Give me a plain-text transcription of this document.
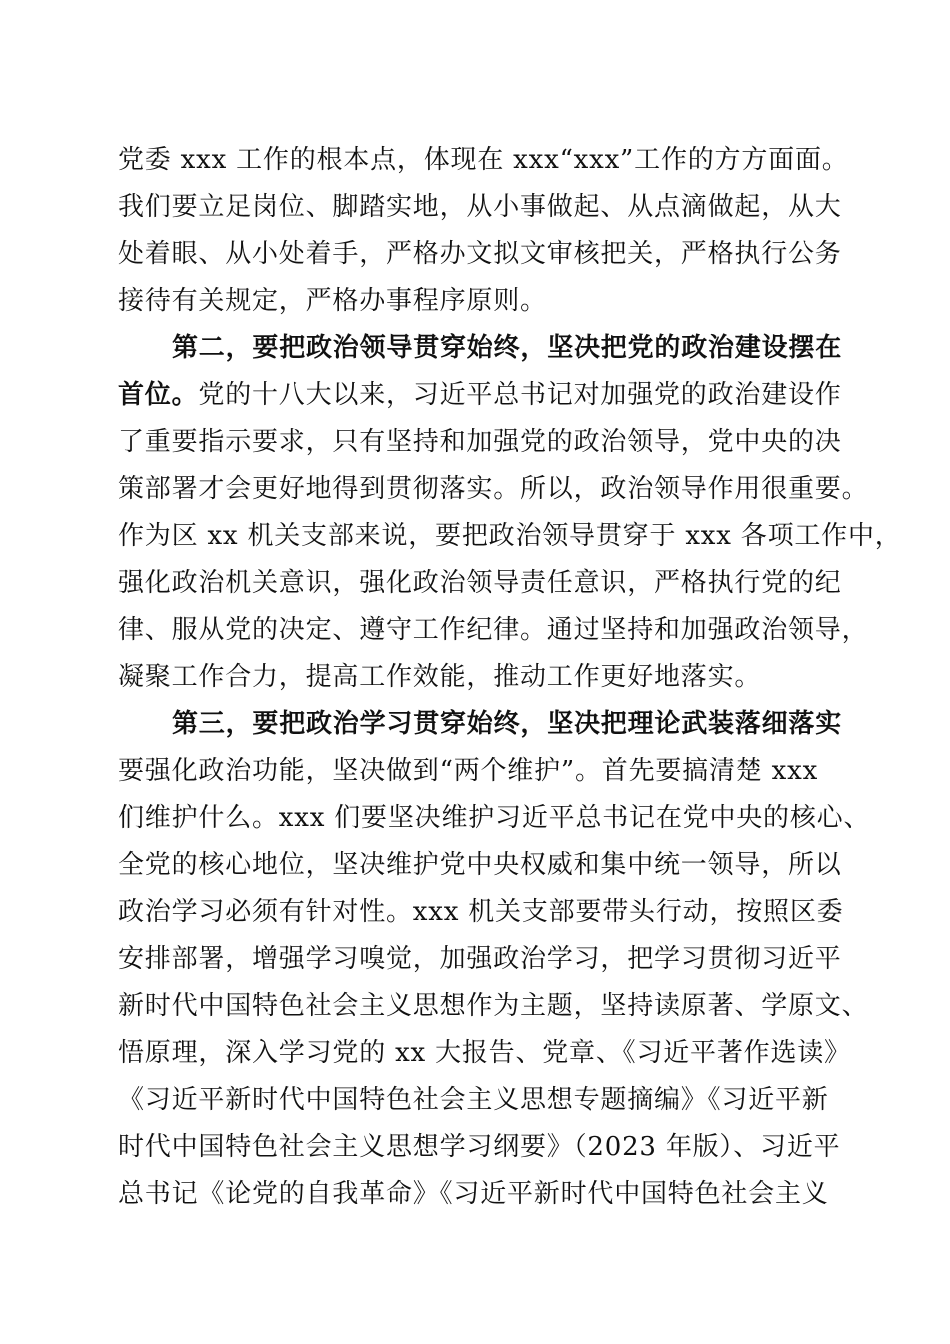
党委 xxx 工作的根本点，体现在 xxx“xxx”工作的方方面面。
我们要立足岗位、脚踏实地，从小事做起、从点滴做起，从大
处着眼、从小处着手，严格办文拟文审核把关，严格执行公务
接待有关规定，严格办事程序原则。
第二，要把政治领导贯穿始终，坚决把党的政治建设摆在
首位。党的十八大以来，习近平总书记对加强党的政治建设作
了重要指示要求，只有坚持和加强党的政治领导，党中央的决
策部署才会更好地得到贯彻落实。所以，政治领导作用很重要。
作为区 xx 机关支部来说，要把政治领导贯穿于 xxx 各项工作中，
强化政治机关意识，强化政治领导责任意识，严格执行党的纪
律、服从党的决定、遵守工作纪律。通过坚持和加强政治领导，
凝聚工作合力，提高工作效能，推动工作更好地落实。
第三，要把政治学习贯穿始终，坚决把理论武装落细落实
要强化政治功能，坚决做到“两个维护”。首先要搞清楚 xxx
们维护什么。xxx 们要坚决维护习近平总书记在党中央的核心、
全党的核心地位，坚决维护党中央权威和集中统一领导，所以
政治学习必须有针对性。xxx 机关支部要带头行动，按照区委
安排部署，增强学习嗅觉，加强政治学习，把学习贯彻习近平
新时代中国特色社会主义思想作为主题，坚持读原著、学原文、
悟原理，深入学习党的 xx 大报告、党章、《习近平著作选读》
《习近平新时代中国特色社会主义思想专题摘编》《习近平新
时代中国特色社会主义思想学习纲要》（2023 年版）、习近平
总书记《论党的自我革命》《习近平新时代中国特色社会主义
